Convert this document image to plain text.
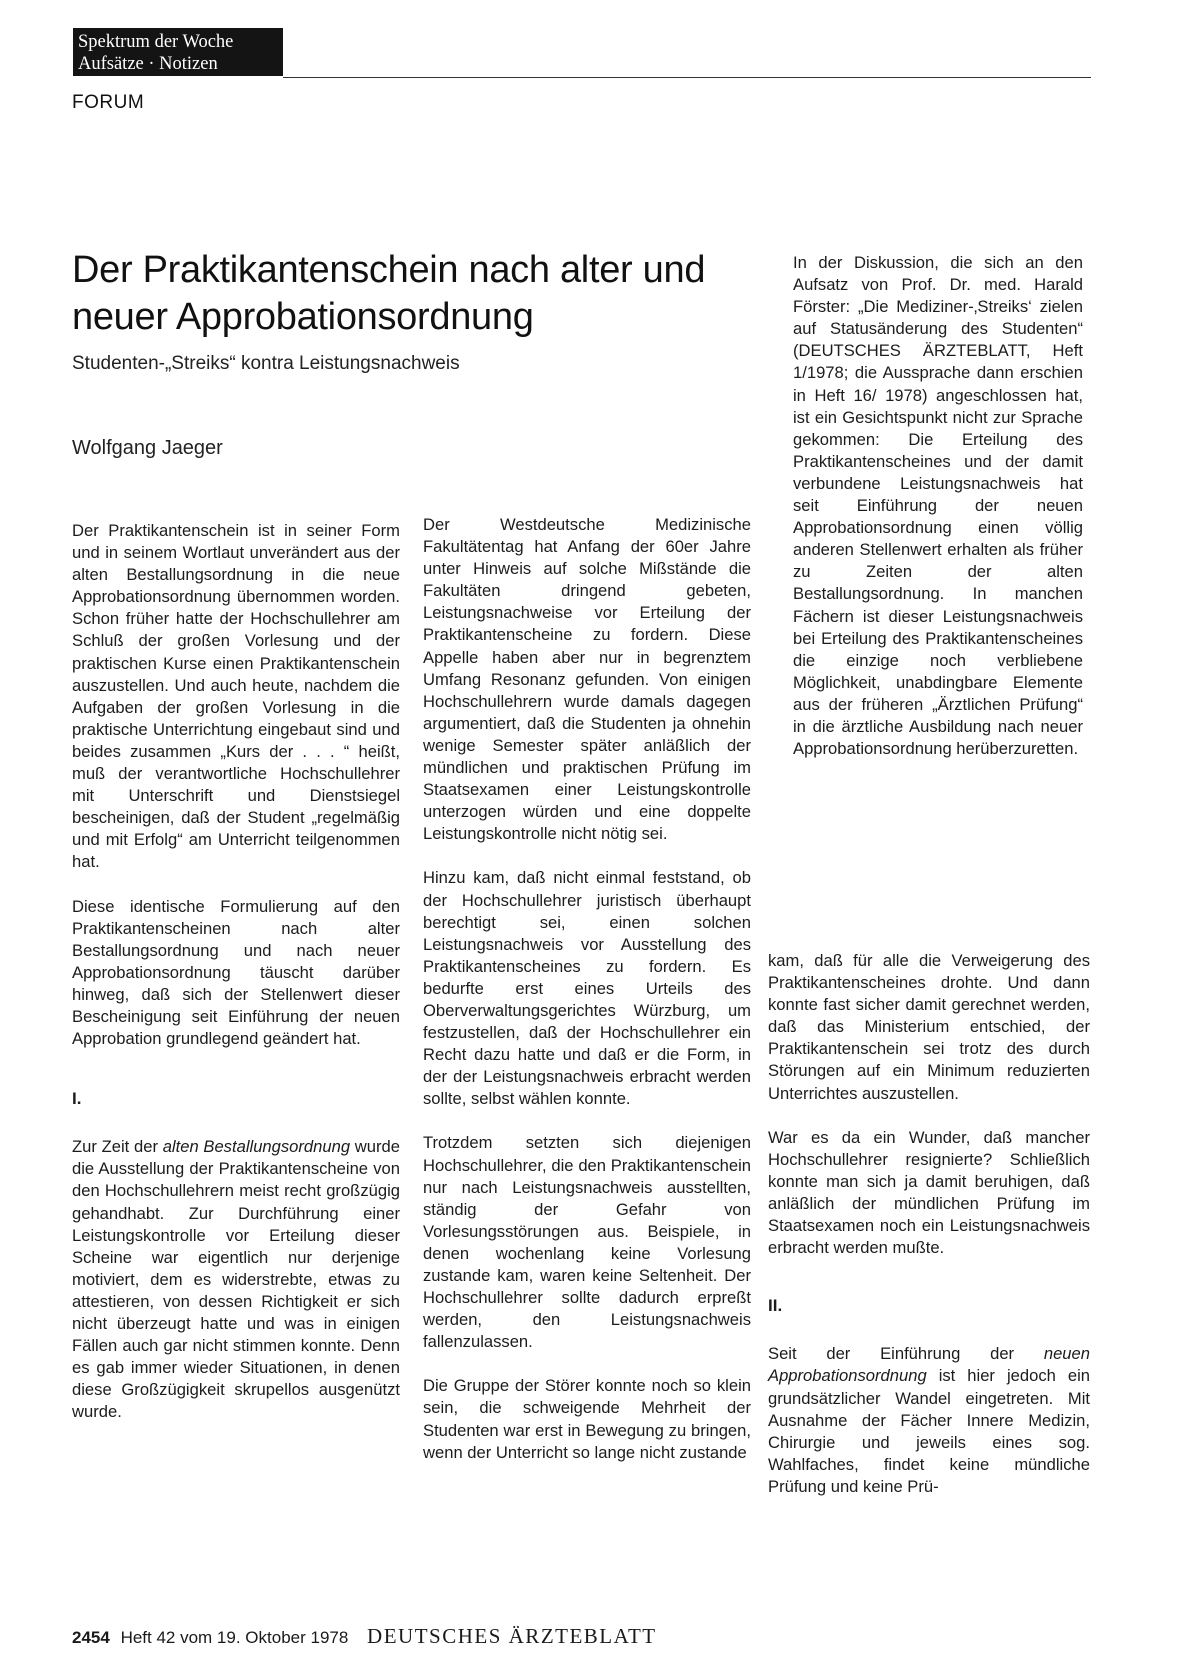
Spektrum der Woche
Aufsätze · Notizen
FORUM
Der Praktikantenschein nach alter und neuer Approbationsordnung
Studenten-„Streiks“ kontra Leistungsnachweis
Wolfgang Jaeger

Der Praktikantenschein ist in seiner Form und in seinem Wortlaut unverändert aus der alten Bestallungsordnung in die neue Approbationsordnung übernommen worden. Schon früher hatte der Hochschullehrer am Schluß der großen Vorlesung und der praktischen Kurse einen Praktikantenschein auszustellen. Und auch heute, nachdem die Aufgaben der großen Vorlesung in die praktische Unterrichtung eingebaut sind und beides zusammen „Kurs der . . . “ heißt, muß der verantwortliche Hochschullehrer mit Unterschrift und Dienstsiegel bescheinigen, daß der Student „regelmäßig und mit Erfolg“ am Unterricht teilgenommen hat.

Diese identische Formulierung auf den Praktikantenscheinen nach alter Bestallungsordnung und nach neuer Approbationsordnung täuscht darüber hinweg, daß sich der Stellenwert dieser Bescheinigung seit Einführung der neuen Approbation grundlegend geändert hat.

I.

Zur Zeit der alten Bestallungsordnung wurde die Ausstellung der Praktikantenscheine von den Hochschullehrern meist recht großzügig gehandhabt. Zur Durchführung einer Leistungskontrolle vor Erteilung dieser Scheine war eigentlich nur derjenige motiviert, dem es widerstrebte, etwas zu attestieren, von dessen Richtigkeit er sich nicht überzeugt hatte und was in einigen Fällen auch gar nicht stimmen konnte. Denn es gab immer wieder Situationen, in denen diese Großzügigkeit skrupellos ausgenützt wurde.

Der Westdeutsche Medizinische Fakultätentag hat Anfang der 60er Jahre unter Hinweis auf solche Mißstände die Fakultäten dringend gebeten, Leistungsnachweise vor Erteilung der Praktikantenscheine zu fordern. Diese Appelle haben aber nur in begrenztem Umfang Resonanz gefunden. Von einigen Hochschullehrern wurde damals dagegen argumentiert, daß die Studenten ja ohnehin wenige Semester später anläßlich der mündlichen und praktischen Prüfung im Staatsexamen einer Leistungskontrolle unterzogen würden und eine doppelte Leistungskontrolle nicht nötig sei.

Hinzu kam, daß nicht einmal feststand, ob der Hochschullehrer juristisch überhaupt berechtigt sei, einen solchen Leistungsnachweis vor Ausstellung des Praktikantenscheines zu fordern. Es bedurfte erst eines Urteils des Oberverwaltungsgerichtes Würzburg, um festzustellen, daß der Hochschullehrer ein Recht dazu hatte und daß er die Form, in der der Leistungsnachweis erbracht werden sollte, selbst wählen konnte.

Trotzdem setzten sich diejenigen Hochschullehrer, die den Praktikantenschein nur nach Leistungsnachweis ausstellten, ständig der Gefahr von Vorlesungsstörungen aus. Beispiele, in denen wochenlang keine Vorlesung zustande kam, waren keine Seltenheit. Der Hochschullehrer sollte dadurch erpreßt werden, den Leistungsnachweis fallenzulassen.

Die Gruppe der Störer konnte noch so klein sein, die schweigende Mehrheit der Studenten war erst in Bewegung zu bringen, wenn der Unterricht so lange nicht zustande

In der Diskussion, die sich an den Aufsatz von Prof. Dr. med. Harald Förster: „Die Mediziner-‚Streiks‘ zielen auf Statusänderung des Studenten“ (DEUTSCHES ÄRZTEBLATT, Heft 1/1978; die Aussprache dann erschien in Heft 16/ 1978) angeschlossen hat, ist ein Gesichtspunkt nicht zur Sprache gekommen: Die Erteilung des Praktikantenscheines und der damit verbundene Leistungsnachweis hat seit Einführung der neuen Approbationsordnung einen völlig anderen Stellenwert erhalten als früher zu Zeiten der alten Bestallungsordnung. In manchen Fächern ist dieser Leistungsnachweis bei Erteilung des Praktikantenscheines die einzige noch verbliebene Möglichkeit, unabdingbare Elemente aus der früheren „Ärztlichen Prüfung“ in die ärztliche Ausbildung nach neuer Approbationsordnung herüberzuretten.

kam, daß für alle die Verweigerung des Praktikantenscheines drohte. Und dann konnte fast sicher damit gerechnet werden, daß das Ministerium entschied, der Praktikantenschein sei trotz des durch Störungen auf ein Minimum reduzierten Unterrichtes auszustellen.

War es da ein Wunder, daß mancher Hochschullehrer resignierte? Schließlich konnte man sich ja damit beruhigen, daß anläßlich der mündlichen Prüfung im Staatsexamen noch ein Leistungsnachweis erbracht werden mußte.

II.

Seit der Einführung der neuen Approbationsordnung ist hier jedoch ein grundsätzlicher Wandel eingetreten. Mit Ausnahme der Fächer Innere Medizin, Chirurgie und jeweils eines sog. Wahlfaches, findet keine mündliche Prüfung und keine Prü-

2454 Heft 42 vom 19. Oktober 1978 DEUTSCHES ÄRZTEBLATT
